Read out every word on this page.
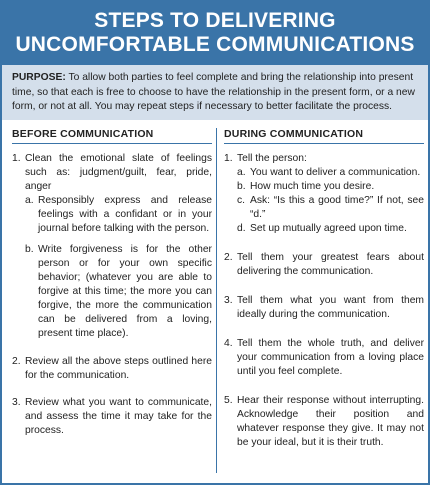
STEPS TO DELIVERING
UNCOMFORTABLE COMMUNICATIONS
PURPOSE: To allow both parties to feel complete and bring the relationship into present time, so that each is free to choose to have the relationship in the present form, or a new form, or not at all. You may repeat steps if necessary to better facilitate the process.
BEFORE COMMUNICATION
1. Clean the emotional slate of feelings such as: judgment/guilt, fear, pride, anger
a. Responsibly express and release feelings with a confidant or in your journal before talking with the person.
b. Write forgiveness is for the other person or for your own specific behavior; (whatever you are able to forgive at this time; the more you can forgive, the more the communication can be delivered from a loving, present time place).
2. Review all the above steps outlined here for the communication.
3. Review what you want to communicate, and assess the time it may take for the process.
DURING COMMUNICATION
1. Tell the person:
a. You want to deliver a communication.
b. How much time you desire.
c. Ask: “Is this a good time?” If not, see “d.”
d. Set up mutually agreed upon time.
2. Tell them your greatest fears about delivering the communication.
3. Tell them what you want from them ideally during the communication.
4. Tell them the whole truth, and deliver your communication from a loving place until you feel complete.
5. Hear their response without interrupting. Acknowledge their position and whatever response they give. It may not be your ideal, but it is their truth.
